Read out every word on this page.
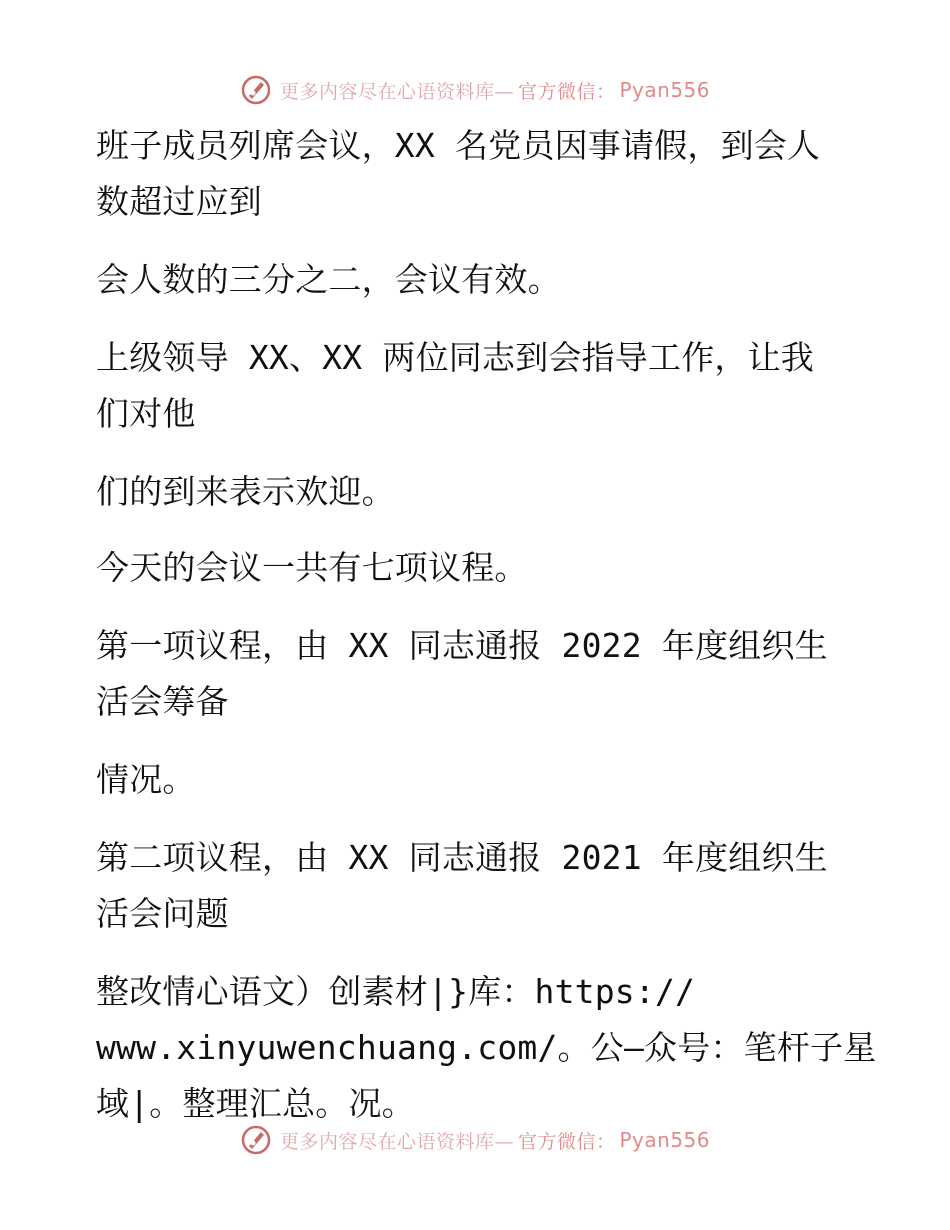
更多内容尽在心语资料库— 官方微信： Pyan556
班子成员列席会议，XX 名党员因事请假，到会人
数超过应到
会人数的三分之二，会议有效。
上级领导 XX、XX 两位同志到会指导工作，让我
们对他
们的到来表示欢迎。
今天的会议一共有七项议程。
第一项议程，由 XX 同志通报 2022 年度组织生
活会筹备
情况。
第二项议程，由 XX 同志通报 2021 年度组织生
活会问题
整改情心语文）创素材|}库：https://
www.xinyuwenchuang.com/。公—众号：笔杆子星
域|。整理汇总。况。
更多内容尽在心语资料库— 官方微信： Pyan556
